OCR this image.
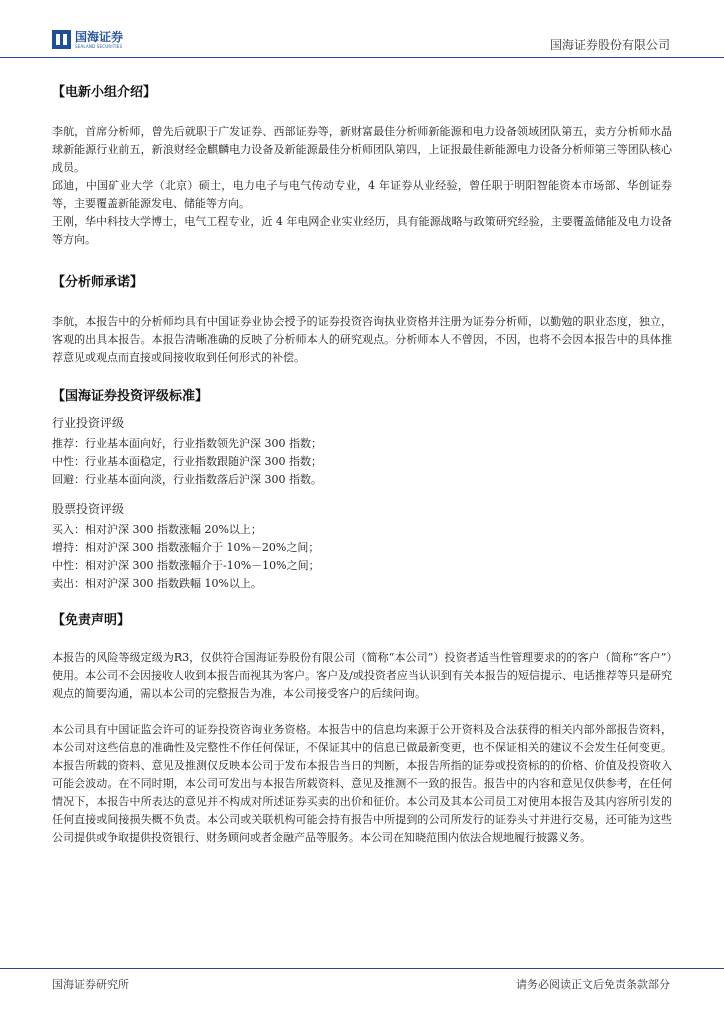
国海证券
SEALAND SECURITIES	国海证券股份有限公司
【电新小组介绍】

李航，首席分析师，曾先后就职于广发证券、西部证券等，新财富最佳分析师新能源和电力设备领域团队第五，卖方分析师水晶球新能源行业前五，新浪财经金麒麟电力设备及新能源最佳分析师团队第四，上证报最佳新能源电力设备分析师第三等团队核心成员。

邱迪，中国矿业大学（北京）硕士，电力电子与电气传动专业，4 年证券从业经验，曾任职于明阳智能资本市场部、华创证券等，主要覆盖新能源发电、储能等方向。

王刚，华中科技大学博士，电气工程专业，近 4 年电网企业实业经历，具有能源战略与政策研究经验，主要覆盖储能及电力设备等方向。

【分析师承诺】

李航，本报告中的分析师均具有中国证券业协会授予的证券投资咨询执业资格并注册为证券分析师，以勤勉的职业态度，独立，客观的出具本报告。本报告清晰准确的反映了分析师本人的研究观点。分析师本人不曾因，不因，也将不会因本报告中的具体推荐意见或观点而直接或间接收取到任何形式的补偿。

【国海证券投资评级标准】
行业投资评级

推荐：行业基本面向好，行业指数领先沪深 300 指数；

中性：行业基本面稳定，行业指数跟随沪深 300 指数；

回避：行业基本面向淡，行业指数落后沪深 300 指数。

股票投资评级

买入：相对沪深 300 指数涨幅 20%以上；

增持：相对沪深 300 指数涨幅介于 10%－20%之间；

中性：相对沪深 300 指数涨幅介于-10%－10%之间；

卖出：相对沪深 300 指数跌幅 10%以上。

【免责声明】

本报告的风险等级定级为R3，仅供符合国海证券股份有限公司（简称“本公司”）投资者适当性管理要求的的客户（简称“客户”）使用。本公司不会因接收人收到本报告而视其为客户。客户及/或投资者应当认识到有关本报告的短信提示、电话推荐等只是研究观点的简要沟通，需以本公司的完整报告为准，本公司接受客户的后续问询。

本公司具有中国证监会许可的证券投资咨询业务资格。本报告中的信息均来源于公开资料及合法获得的相关内部外部报告资料，本公司对这些信息的准确性及完整性不作任何保证，不保证其中的信息已做最新变更，也不保证相关的建议不会发生任何变更。本报告所载的资料、意见及推测仅反映本公司于发布本报告当日的判断，本报告所指的证券或投资标的的价格、价值及投资收入可能会波动。在不同时期，本公司可发出与本报告所载资料、意见及推测不一致的报告。报告中的内容和意见仅供参考，在任何情况下，本报告中所表达的意见并不构成对所述证券买卖的出价和征价。本公司及其本公司员工对使用本报告及其内容所引发的任何直接或间接损失概不负责。本公司或关联机构可能会持有报告中所提到的公司所发行的证券头寸并进行交易，还可能为这些公司提供或争取提供投资银行、财务顾问或者金融产品等服务。本公司在知晓范围内依法合规地履行披露义务。

国海证券研究所	请务必阅读正文后免责条款部分
